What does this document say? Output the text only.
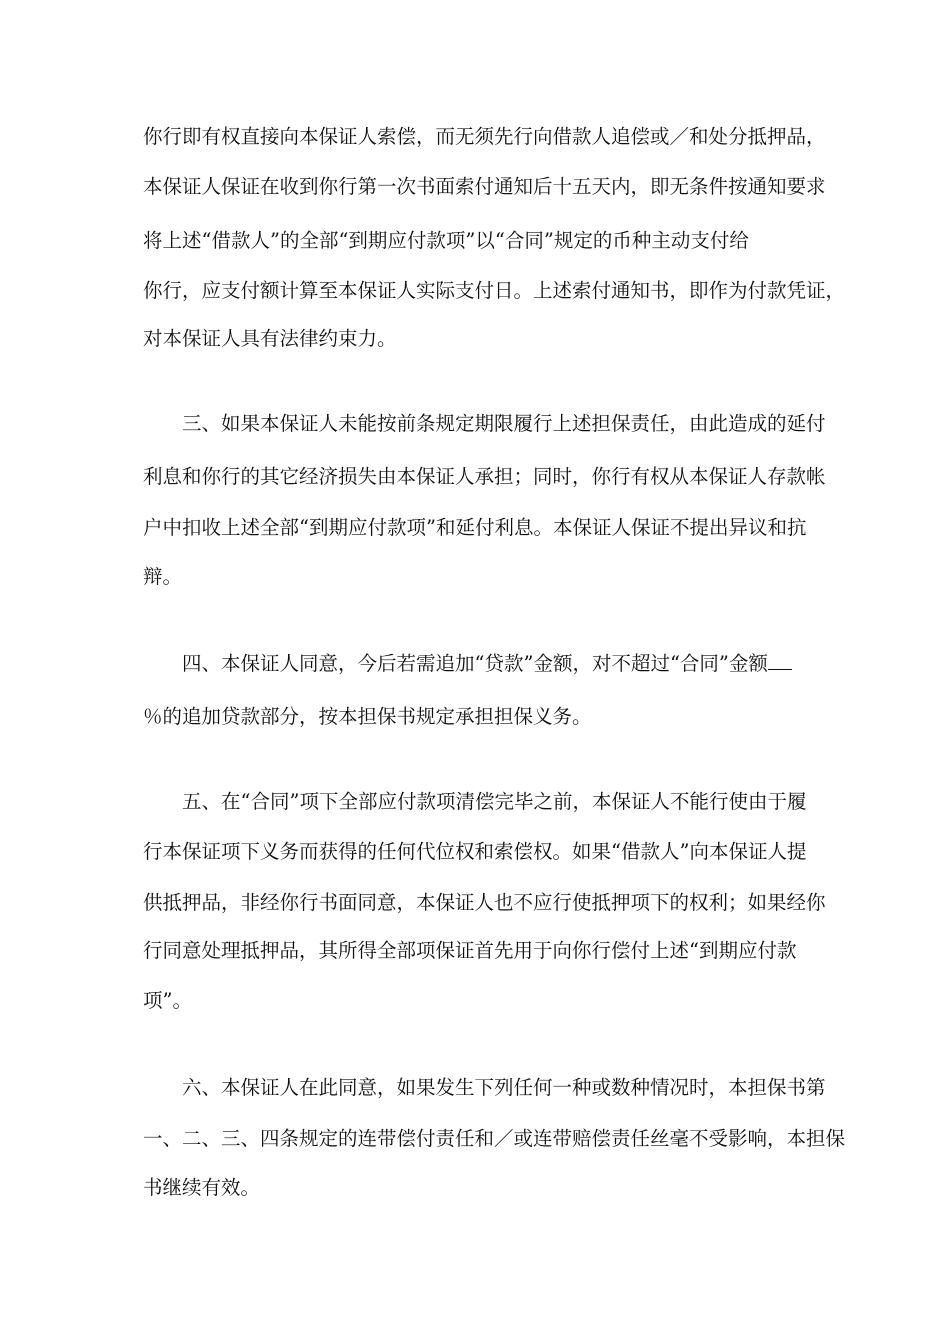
你行即有权直接向本保证人索偿，而无须先行向借款人追偿或／和处分抵押品，
本保证人保证在收到你行第一次书面索付通知后十五天内，即无条件按通知要求
将上述“借款人”的全部“到期应付款项”以“合同”规定的币种主动支付给
你行，应支付额计算至本保证人实际支付日。上述索付通知书，即作为付款凭证，
对本保证人具有法律约束力。
　　三、如果本保证人未能按前条规定期限履行上述担保责任，由此造成的延付
利息和你行的其它经济损失由本保证人承担；同时，你行有权从本保证人存款帐
户中扣收上述全部“到期应付款项”和延付利息。本保证人保证不提出异议和抗
辩。
　　四、本保证人同意，今后若需追加“贷款”金额，对不超过“合同”金额
％的追加贷款部分，按本担保书规定承担担保义务。
　　五、在“合同”项下全部应付款项清偿完毕之前，本保证人不能行使由于履
行本保证项下义务而获得的任何代位权和索偿权。如果“借款人”向本保证人提
供抵押品，非经你行书面同意，本保证人也不应行使抵押项下的权利；如果经你
行同意处理抵押品，其所得全部项保证首先用于向你行偿付上述“到期应付款
项”。
　　六、本保证人在此同意，如果发生下列任何一种或数种情况时，本担保书第
一、二、三、四条规定的连带偿付责任和／或连带赔偿责任丝毫不受影响，本担保
书继续有效。
